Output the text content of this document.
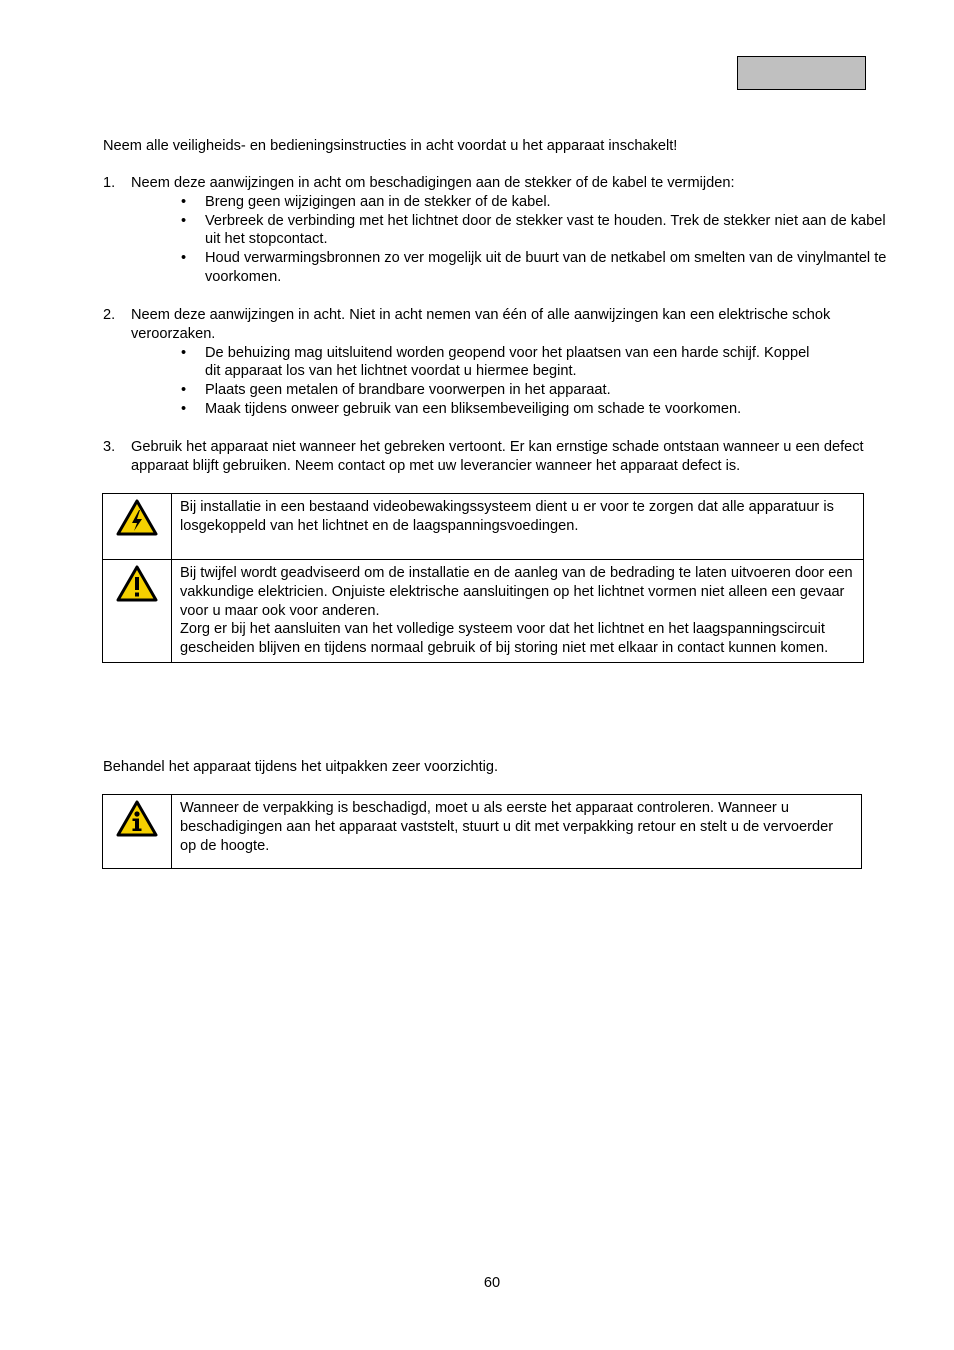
Neem alle veiligheids- en bedieningsinstructies in acht voordat u het apparaat inschakelt!
1. Neem deze aanwijzingen in acht om beschadigingen aan de stekker of de kabel te vermijden:
• Breng geen wijzigingen aan in de stekker of de kabel.
• Verbreek de verbinding met het lichtnet door de stekker vast te houden. Trek de stekker niet aan de kabel uit het stopcontact.
• Houd verwarmingsbronnen zo ver mogelijk uit de buurt van de netkabel om smelten van de vinylmantel te voorkomen.
2. Neem deze aanwijzingen in acht. Niet in acht nemen van één of alle aanwijzingen kan een elektrische schok veroorzaken.
• De behuizing mag uitsluitend worden geopend voor het plaatsen van een harde schijf. Koppel dit apparaat los van het lichtnet voordat u hiermee begint.
• Plaats geen metalen of brandbare voorwerpen in het apparaat.
• Maak tijdens onweer gebruik van een bliksembeveiliging om schade te voorkomen.
3. Gebruik het apparaat niet wanneer het gebreken vertoont. Er kan ernstige schade ontstaan wanneer u een defect apparaat blijft gebruiken. Neem contact op met uw leverancier wanneer het apparaat defect is.
	Bij installatie in een bestaand videobewakingssysteem dient u er voor te zorgen dat alle apparatuur is losgekoppeld van het lichtnet en de laagspanningsvoedingen.

Bij twijfel wordt geadviseerd om de installatie en de aanleg van de bedrading te laten uitvoeren door een vakkundige elektricien. Onjuiste elektrische aansluitingen op het lichtnet vormen niet alleen een gevaar voor u maar ook voor anderen.
Zorg er bij het aansluiten van het volledige systeem voor dat het lichtnet en het laagspanningscircuit gescheiden blijven en tijdens normaal gebruik of bij storing niet met elkaar in contact kunnen komen.
Behandel het apparaat tijdens het uitpakken zeer voorzichtig.
	Wanneer de verpakking is beschadigd, moet u als eerste het apparaat controleren. Wanneer u beschadigingen aan het apparaat vaststelt, stuurt u dit met verpakking retour en stelt u de vervoerder op de hoogte.
60
